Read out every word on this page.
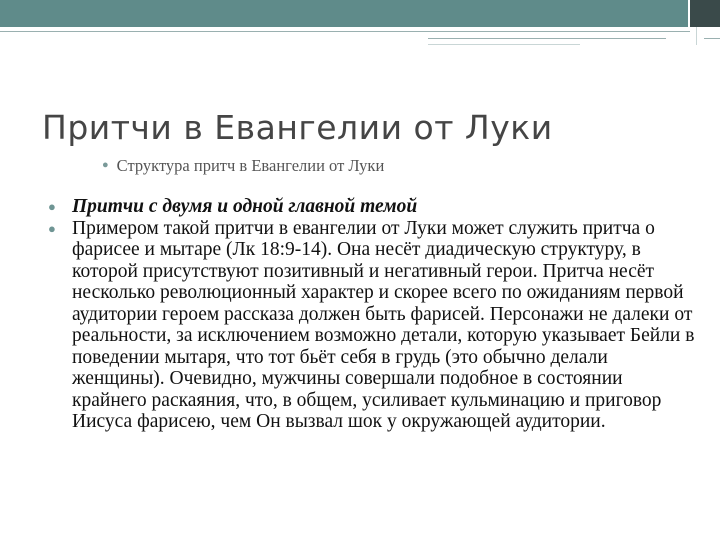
Притчи в Евангелии от Луки
● Структура притч в Евангелии от Луки
● Притчи с двумя и одной главной темой
● Примером такой притчи в евангелии от Луки может служить притча о фарисее и мытаре (Лк 18:9-14). Она несёт диадическую структуру, в которой присутствуют позитивный и негативный герои. Притча несёт несколько революционный характер и скорее всего по ожиданиям первой аудитории героем рассказа должен быть фарисей. Персонажи не далеки от реальности, за исключением возможно детали, которую указывает Бейли в поведении мытаря, что тот бьёт себя в грудь (это обычно делали женщины). Очевидно, мужчины совершали подобное в состоянии крайнего раскаяния, что, в общем, усиливает кульминацию и приговор Иисуса фарисею, чем Он вызвал шок у окружающей аудитории.
